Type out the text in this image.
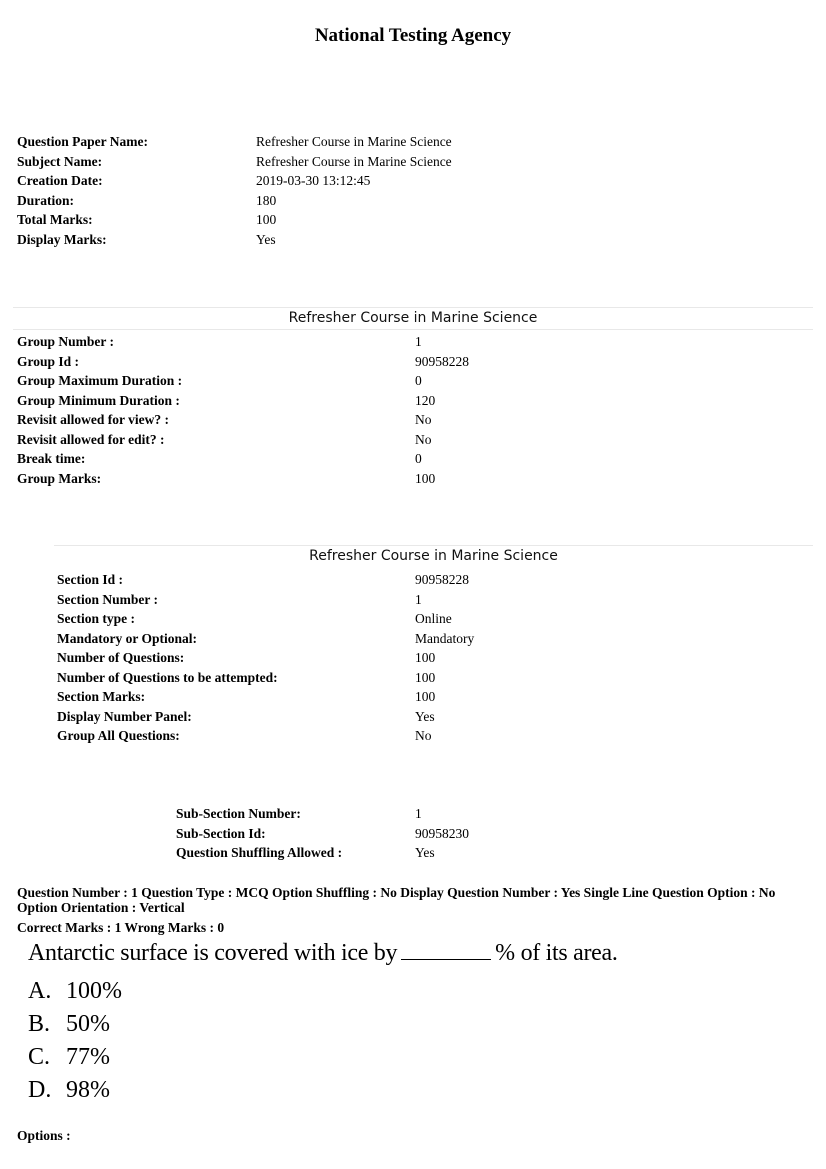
National Testing Agency
Question Paper Name:	Refresher Course in Marine Science
Subject Name:	Refresher Course in Marine Science
Creation Date:	2019-03-30 13:12:45
Duration:	180
Total Marks:	100
Display Marks:	Yes
Refresher Course in Marine Science
Group Number :	1
Group Id :	90958228
Group Maximum Duration :	0
Group Minimum Duration :	120
Revisit allowed for view? :	No
Revisit allowed for edit? :	No
Break time:	0
Group Marks:	100
Refresher Course in Marine Science
Section Id :	90958228
Section Number :	1
Section type :	Online
Mandatory or Optional:	Mandatory
Number of Questions:	100
Number of Questions to be attempted:	100
Section Marks:	100
Display Number Panel:	Yes
Group All Questions:	No
Sub-Section Number:	1
Sub-Section Id:	90958230
Question Shuffling Allowed :	Yes
Question Number : 1 Question Type : MCQ Option Shuffling : No Display Question Number : Yes Single Line Question Option : No Option Orientation : Vertical
Correct Marks : 1 Wrong Marks : 0
Antarctic surface is covered with ice by	% of its area.
A. 100%
B. 50%
C. 77%
D. 98%
Options :
